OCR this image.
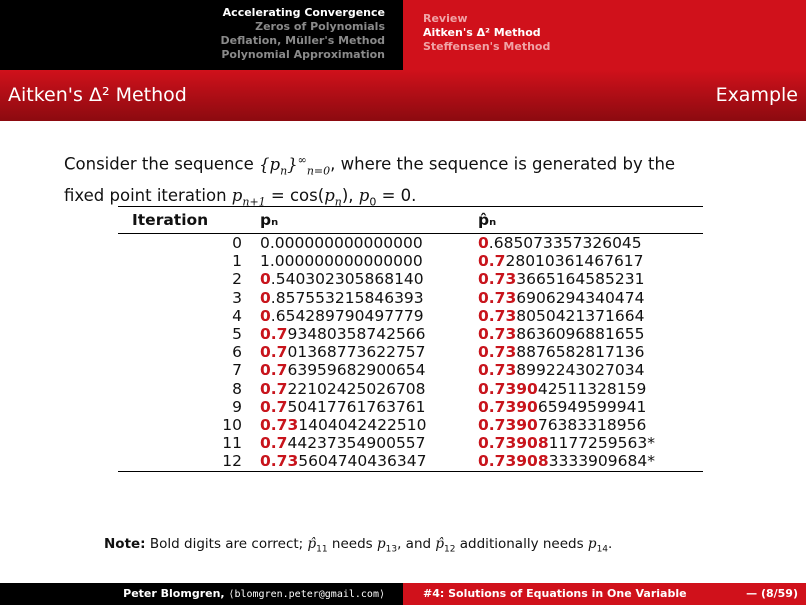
Accelerating Convergence
Zeros of Polynomials
Deflation, Müller's Method
Polynomial Approximation
Review
Aitken's Δ² Method
Steffensen's Method
Aitken's Δ² Method	Example
Consider the sequence $\{p_n\}^\infty_{n=0}$, where the sequence is generated by the
fixed point iteration $p_{n+1} = \cos(p_n)$, $p_0 = 0$.
Iteration	pₙ	p̂ₙ
0	0.000000000000000	0.685073357326045
1	1.000000000000000	0.728010361467617
2	0.540302305868140	0.733665164585231
3	0.857553215846393	0.736906294340474
4	0.654289790497779	0.738050421371664
5	0.793480358742566	0.738636096881655
6	0.701368773622757	0.738876582817136
7	0.763959682900654	0.738992243027034
8	0.722102425026708	0.739042511328159
9	0.750417761763761	0.739065949599941
10	0.731404042422510	0.739076383318956
11	0.744237354900557	0.739081177259563*
12	0.735604740436347	0.739083333909684*
Note: Bold digits are correct; $p̂_{11}$ needs $p_{13}$, and $p̂_{12}$ additionally needs $p_{14}$.
Peter Blomgren, ⟨blomgren.peter@gmail.com⟩	#4: Solutions of Equations in One Variable	— (8/59)
